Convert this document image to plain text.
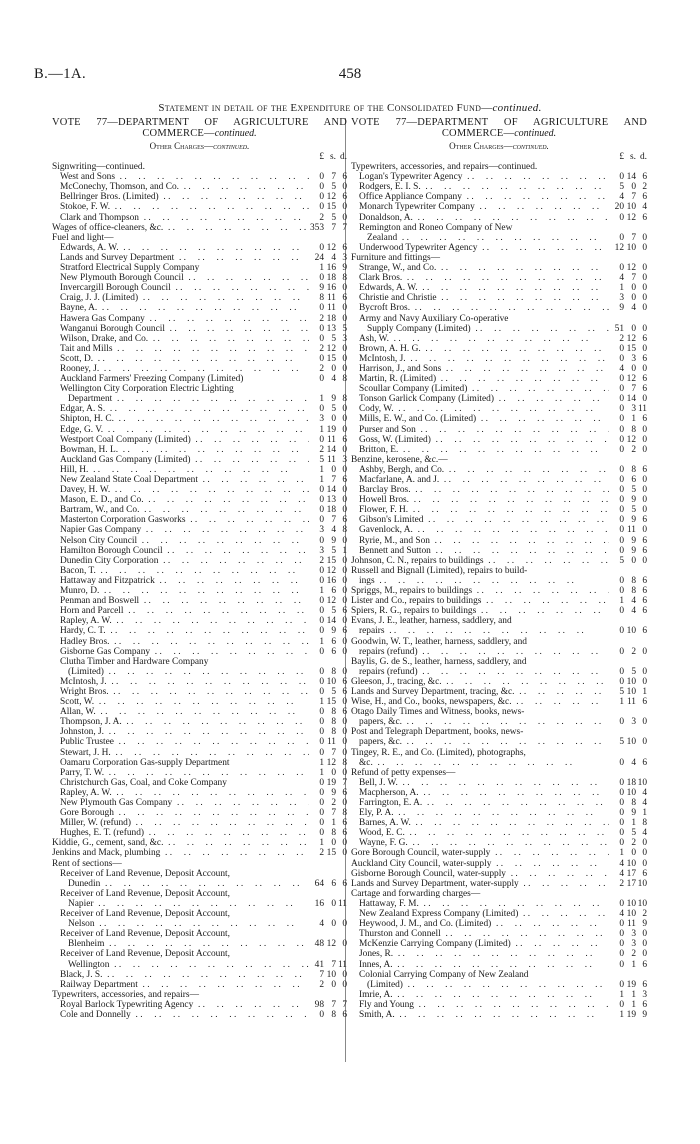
B.—1A.	458
Statement in detail of the Expenditure of the Consolidated Fund—continued.
VOTE 77—DEPARTMENT OF AGRICULTURE AND COMMERCE—continued.
Other Charges—continued.
£ s. d.
Signwriting—continued.
West and Sons . .	0 7 6
McConechy, Thomson, and Co. . .	0 5 0
Bellringer Bros. (Limited) . .	0 12 6
Stokoe, F. W. . .	0 15 0
Clark and Thompson . .	2 5 0
Wages of office-cleaners, &c. . .	353 7 7
Fuel and light—
Edwards, A. W. . .	0 12 6
Lands and Survey Department . .	24 4 3
Stratford Electrical Supply Company	1 16 9
New Plymouth Borough Council . .	0 18 8
Invercargill Borough Council . .	9 16 0
Craig, J. J. (Limited) . .	8 11 6
Bayne, A. . .	0 11 0
Hawera Gas Company . .	2 18 0
Wanganui Borough Council . .	0 13 5
Wilson, Drake, and Co. . .	0 5 3
Tait and Mills . .	2 12 0
Scott, D. . .	0 15 0
Rooney, J. . .	2 0 0
Auckland Farmers' Freezing Company (Limited)	0 4 8
Wellington City Corporation Electric Lighting
Department . .	1 9 8
Edgar, A. S. . .	0 5 0
Shipton, H. C. . .	3 0 0
Edge, G. V. . .	1 19 0
Westport Coal Company (Limited) . .	0 11 6
Bowman, H. L. . .	2 14 0
Auckland Gas Company (Limited) . .	5 11 3
Hill, H. . .	1 0 0
New Zealand State Coal Department . .	1 7 6
Davey, H. W. . .	0 14 0
Mason, E. D., and Co. . .	0 13 0
Bartram, W., and Co. . .	0 18 0
Masterton Corporation Gasworks . .	0 7 6
Napier Gas Company . .	3 4 8
Nelson City Council . .	0 9 0
Hamilton Borough Council . .	3 5 1
Dunedin City Corporation . .	2 15 0
Bacon, T. . .	0 12 0
Hattaway and Fitzpatrick . .	0 16 0
Munro, D. . .	1 6 0
Penman and Boswell . .	0 12 0
Horn and Parcell . .	0 5 6
Rapley, A. W. . .	0 14 0
Hardy, C. T. . .	0 9 6
Hadley Bros. . .	1 6 0
Gisborne Gas Company . .	0 6 0
Clutha Timber and Hardware Company
(Limited) . .	0 8 0
McIntosh, J. . .	0 10 6
Wright Bros. . .	0 5 6
Scott, W. . .	1 15 0
Allan, W. . .	0 8 6
Thompson, J. A. . .	0 8 0
Johnston, J. . .	0 8 0
Public Trustee . .	0 11 0
Stewart, J. H. . .	0 7 0
Oamaru Corporation Gas-supply Department	1 12 8
Parry, T. W. . .	1 0 0
Christchurch Gas, Coal, and Coke Company	0 19 7
Rapley, A. W. . .	0 9 6
New Plymouth Gas Company . .	0 2 0
Gore Borough . .	0 7 8
Miller, W. (refund) . .	0 1 6
Hughes, E. T. (refund) . .	0 8 6
Kiddie, G., cement, sand, &c. . .	1 0 0
Jenkins and Mack, plumbing . .	2 15 0
Rent of sections—
Receiver of Land Revenue, Deposit Account,
Dunedin . .	64 6 6
Receiver of Land Revenue, Deposit Account,
Napier . .	16 0 11
Receiver of Land Revenue, Deposit Account,
Nelson . .	4 0 0
Receiver of Land Revenue, Deposit Account,
Blenheim . .	48 12 0
Receiver of Land Revenue, Deposit Account,
Wellington . .	41 7 11
Black, J. S. . .	7 10 0
Railway Department . .	2 0 0
Typewriters, accessories, and repairs—
Royal Barlock Typewriting Agency . .	98 7 7
Cole and Donnelly . .	0 8 6
VOTE 77—DEPARTMENT OF AGRICULTURE AND COMMERCE—continued.
Other Charges—continued.
£ s. d.
Typewriters, accessories, and repairs—continued.
Logan's Typewriter Agency . .	0 14 6
Rodgers, E. I. S. . .	5 0 2
Office Appliance Company . .	4 7 6
Monarch Typewriter Company . .	20 10 4
Donaldson, A. . .	0 12 6
Remington and Roneo Company of New
Zealand . .	0 7 0
Underwood Typewriter Agency . .	12 10 0
Furniture and fittings—
Strange, W., and Co. . .	0 12 0
Clark Bros. . .	4 7 0
Edwards, A. W. . .	1 0 0
Christie and Christie . .	3 0 0
Bycroft Bros. . .	9 4 0
Army and Navy Auxiliary Co-operative
Supply Company (Limited) . .	51 0 0
Ash, W. . .	2 12 6
Brown, A. H. G. . .	0 15 0
McIntosh, J. . .	0 3 6
Harrison, J., and Sons . .	4 0 0
Martin, R. (Limited) . .	0 12 6
Scoullar Company (Limited) . .	0 7 6
Tonson Garlick Company (Limited) . .	0 14 0
Cody, W. . .	0 3 11
Mills, E. W., and Co. (Limited) . .	0 1 6
Purser and Son . .	0 8 0
Goss, W. (Limited) . .	0 12 0
Britton, E. . .	0 2 0
Benzine, kerosene, &c.—
Ashby, Bergh, and Co. . .	0 8 6
Macfarlane, A. and J. . .	0 6 0
Barclay Bros. . .	0 5 0
Howell Bros. . .	0 9 0
Flower, F. H. . .	0 5 0
Gibson's Limited . .	0 9 6
Gavenlock, A. . .	0 11 0
Ryrie, M., and Son . .	0 9 6
Bennett and Sutton . .	0 9 6
Johnson, C. N., repairs to buildings . .	5 0 0
Russell and Bignall (Limited), repairs to build-
ings . .	0 8 6
Spriggs, M., repairs to buildings . .	0 8 6
Lister and Co., repairs to buildings . .	1 4 6
Spiers, R. G., repairs to buildings . .	0 4 6
Evans, J. E., leather, harness, saddlery, and
repairs . .	0 10 6
Goodwin, W. T., leather, harness, saddlery, and
repairs (refund) . .	0 2 0
Baylis, G. de S., leather, harness, saddlery, and
repairs (refund) . .	0 5 0
Gleeson, J., tracing, &c. . .	0 10 0
Lands and Survey Department, tracing, &c. . .	5 10 1
Wise, H., and Co., books, newspapers, &c. . .	1 11 6
Otago Daily Times and Witness, books, news-
papers, &c. . .	0 3 0
Post and Telegraph Department, books, news-
papers, &c. . .	5 10 0
Tingey, R. E., and Co. (Limited), photographs,
&c. . .	0 4 6
Refund of petty expenses—
Bell, J. W. . .	0 18 10
Macpherson, A. . .	0 10 4
Farrington, E. A. . .	0 8 4
Ely, P. A. . .	0 9 1
Barnes, A. W. . .	0 1 8
Wood, E. C. . .	0 5 4
Wayne, F. G. . .	0 2 0
Gore Borough Council, water-supply . .	1 0 0
Auckland City Council, water-supply . .	4 10 0
Gisborne Borough Council, water-supply . .	4 17 6
Lands and Survey Department, water-supply . .	2 17 10
Cartage and forwarding charges—
Hattaway, F. M. . .	0 10 10
New Zealand Express Company (Limited) . .	4 10 2
Heywood, J. M., and Co. (Limited) . .	0 11 9
Thurston and Connell . .	0 3 0
McKenzie Carrying Company (Limited) . .	0 3 0
Jones, R. . .	0 2 0
Innes, A. . .	0 1 6
Colonial Carrying Company of New Zealand
(Limited) . .	0 19 6
Imrie, A. . .	1 1 3
Fly and Young . .	0 1 6
Smith, A. . .	1 19 9
